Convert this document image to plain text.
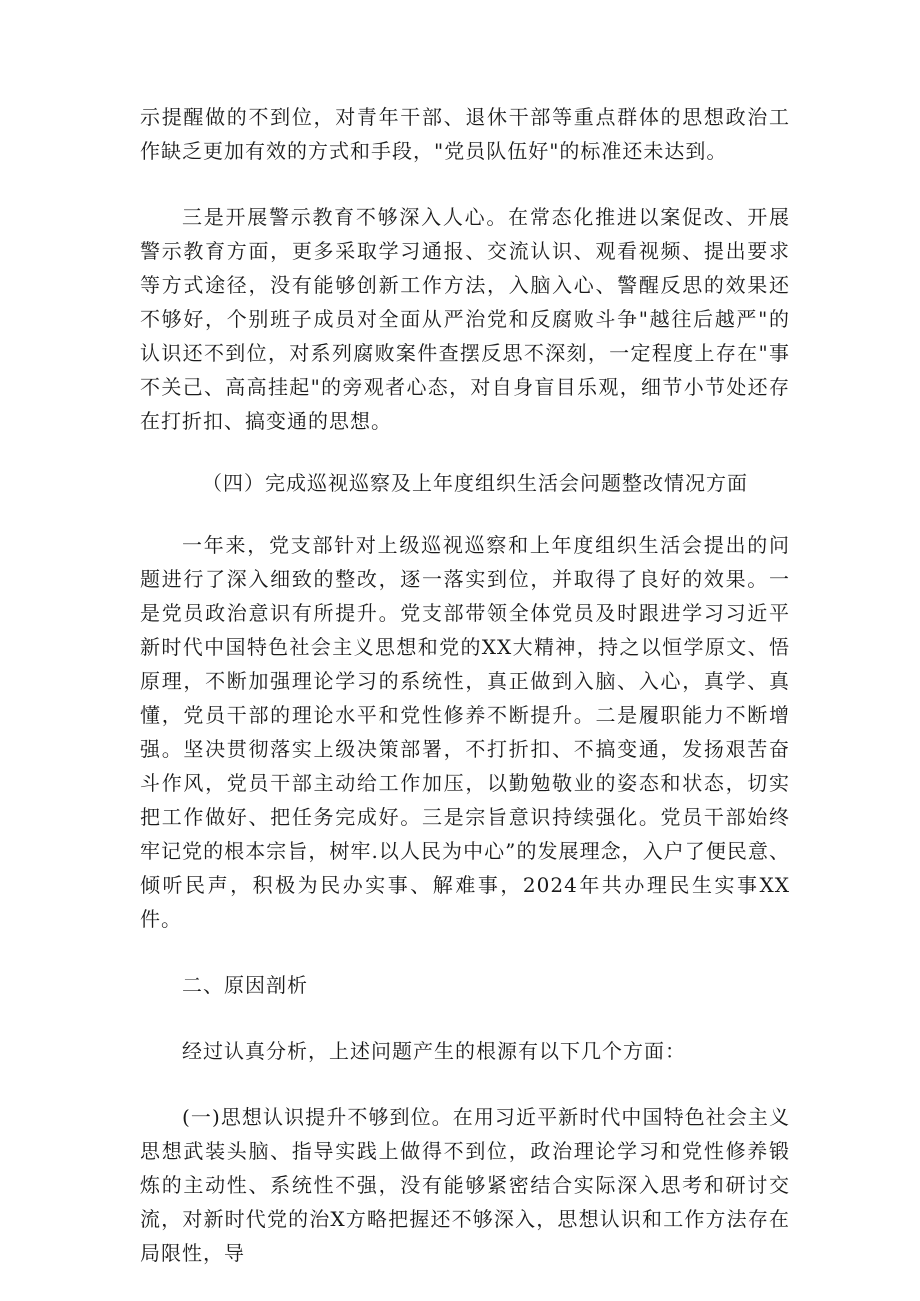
示提醒做的不到位，对青年干部、退休干部等重点群体的思想政治工作缺乏更加有效的方式和手段，"党员队伍好"的标准还未达到。

三是开展警示教育不够深入人心。在常态化推进以案促改、开展警示教育方面，更多采取学习通报、交流认识、观看视频、提出要求等方式途径，没有能够创新工作方法，入脑入心、警醒反思的效果还不够好，个别班子成员对全面从严治党和反腐败斗争"越往后越严"的认识还不到位，对系列腐败案件查摆反思不深刻，一定程度上存在"事不关己、高高挂起"的旁观者心态，对自身盲目乐观，细节小节处还存在打折扣、搞变通的思想。

（四）完成巡视巡察及上年度组织生活会问题整改情况方面

一年来，党支部针对上级巡视巡察和上年度组织生活会提出的问题进行了深入细致的整改，逐一落实到位，并取得了良好的效果。一是党员政治意识有所提升。党支部带领全体党员及时跟进学习习近平新时代中国特色社会主义思想和党的XX大精神，持之以恒学原文、悟原理，不断加强理论学习的系统性，真正做到入脑、入心，真学、真懂，党员干部的理论水平和党性修养不断提升。二是履职能力不断增强。坚决贯彻落实上级决策部署，不打折扣、不搞变通，发扬艰苦奋斗作风，党员干部主动给工作加压，以勤勉敬业的姿态和状态，切实把工作做好、把任务完成好。三是宗旨意识持续强化。党员干部始终牢记党的根本宗旨，树牢.以人民为中心”的发展理念，入户了便民意、倾听民声，积极为民办实事、解难事，2024年共办理民生实事XX件。

二、原因剖析

经过认真分析，上述问题产生的根源有以下几个方面：

(一)思想认识提升不够到位。在用习近平新时代中国特色社会主义思想武装头脑、指导实践上做得不到位，政治理论学习和党性修养锻炼的主动性、系统性不强，没有能够紧密结合实际深入思考和研讨交流，对新时代党的治X方略把握还不够深入，思想认识和工作方法存在局限性，导
